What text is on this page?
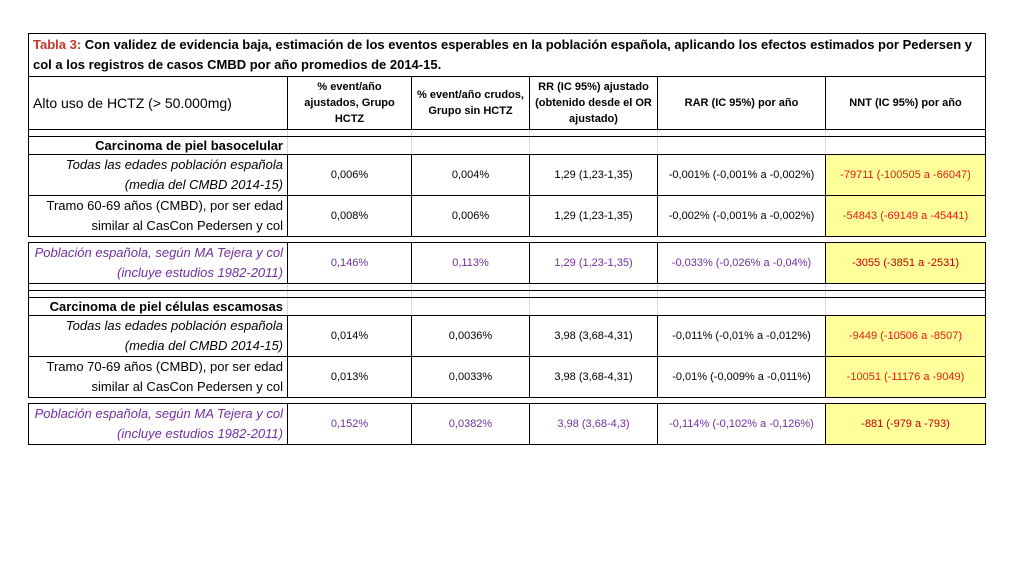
Tabla 3: Con validez de evidencia baja, estimación de los eventos esperables en la población española, aplicando los efectos estimados por Pedersen y col a los registros de casos CMBD por año promedios de 2014-15.					
Alto uso de HCTZ (> 50.000mg)	% event/año ajustados, Grupo HCTZ	% event/año crudos, Grupo sin HCTZ	RR (IC 95%) ajustado (obtenido desde el OR ajustado)	RAR (IC 95%) por año	NNT (IC 95%) por año

Carcinoma de piel basocelular					

Todas las edades población española
(media del CMBD 2014-15)	0,006%	0,004%	1,29 (1,23-1,35)	-0,001% (-0,001% a -0,002%)	-79711 (-100505 a -66047)

Tramo 60-69 años (CMBD), por ser edad
similar al CasCon Pedersen y col	0,008%	0,006%	1,29 (1,23-1,35)	-0,002% (-0,001% a -0,002%)	-54843 (-69149 a -45441)

Población española, según MA Tejera y col
(incluye estudios 1982-2011)	0,146%	0,113%	1,29 (1,23-1,35)	-0,033% (-0,026% a -0,04%)	-3055 (-3851 a -2531)

Carcinoma de piel células escamosas					

Todas las edades población española
(media del CMBD 2014-15)	0,014%	0,0036%	3,98 (3,68-4,31)	-0,011% (-0,01% a -0,012%)	-9449 (-10506 a -8507)

Tramo 70-69 años (CMBD), por ser edad
similar al CasCon Pedersen y col	0,013%	0,0033%	3,98 (3,68-4,31)	-0,01% (-0,009% a -0,011%)	-10051 (-11176 a -9049)

Población española, según MA Tejera y col
(incluye estudios 1982-2011)	0,152%	0,0382%	3,98 (3,68-4,3)	-0,114% (-0,102% a -0,126%)	-881 (-979 a -793)
